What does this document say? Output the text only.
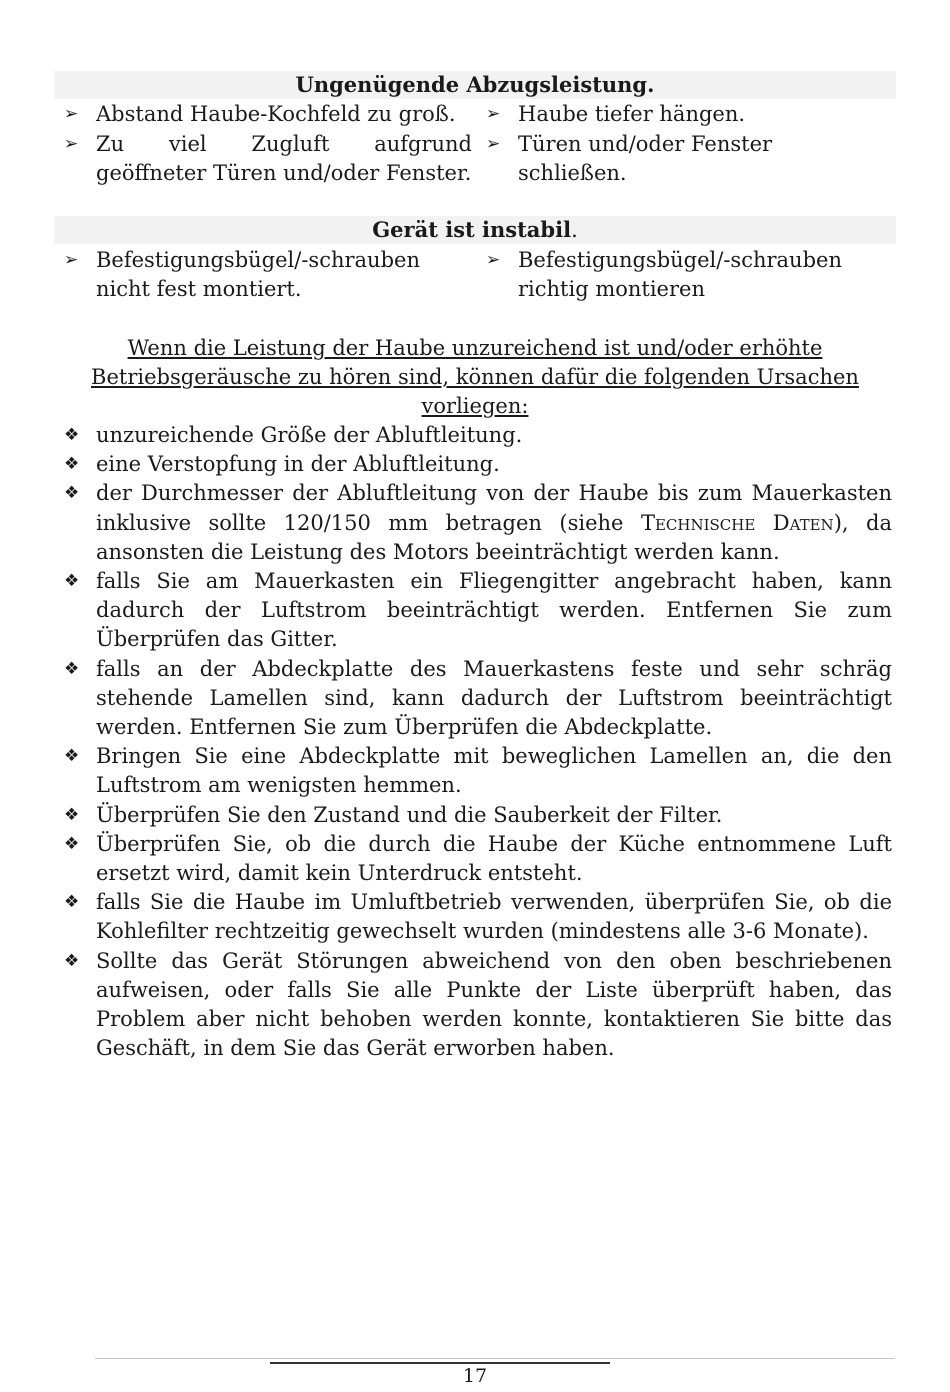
Ungenügende Abzugsleistung.
➢ Abstand Haube-Kochfeld zu groß.	➢ Haube tiefer hängen.
➢ Zu viel Zugluft aufgrund geöffneter Türen und/oder Fenster.
➢ Türen und/oder Fenster schließen.
Gerät ist instabil.
➢ Befestigungsbügel/-schrauben nicht fest montiert.
➢ Befestigungsbügel/-schrauben richtig montieren
Wenn die Leistung der Haube unzureichend ist und/oder erhöhte
Betriebsgeräusche zu hören sind, können dafür die folgenden Ursachen vorliegen:
❖ unzureichende Größe der Abluftleitung.
❖ eine Verstopfung in der Abluftleitung.
❖ der Durchmesser der Abluftleitung von der Haube bis zum Mauerkasten inklusive sollte 120/150 mm betragen (siehe Technische Daten), da ansonsten die Leistung des Motors beeinträchtigt werden kann.
❖ falls Sie am Mauerkasten ein Fliegengitter angebracht haben, kann dadurch der Luftstrom beeinträchtigt werden. Entfernen Sie zum Überprüfen das Gitter.
❖ falls an der Abdeckplatte des Mauerkastens feste und sehr schräg stehende Lamellen sind, kann dadurch der Luftstrom beeinträchtigt werden. Entfernen Sie zum Überprüfen die Abdeckplatte.
❖ Bringen Sie eine Abdeckplatte mit beweglichen Lamellen an, die den Luftstrom am wenigsten hemmen.
❖ Überprüfen Sie den Zustand und die Sauberkeit der Filter.
❖ Überprüfen Sie, ob die durch die Haube der Küche entnommene Luft ersetzt wird, damit kein Unterdruck entsteht.
❖ falls Sie die Haube im Umluftbetrieb verwenden, überprüfen Sie, ob die Kohlefilter rechtzeitig gewechselt wurden (mindestens alle 3-6 Monate).
❖ Sollte das Gerät Störungen abweichend von den oben beschriebenen aufweisen, oder falls Sie alle Punkte der Liste überprüft haben, das Problem aber nicht behoben werden konnte, kontaktieren Sie bitte das Geschäft, in dem Sie das Gerät erworben haben.
17
